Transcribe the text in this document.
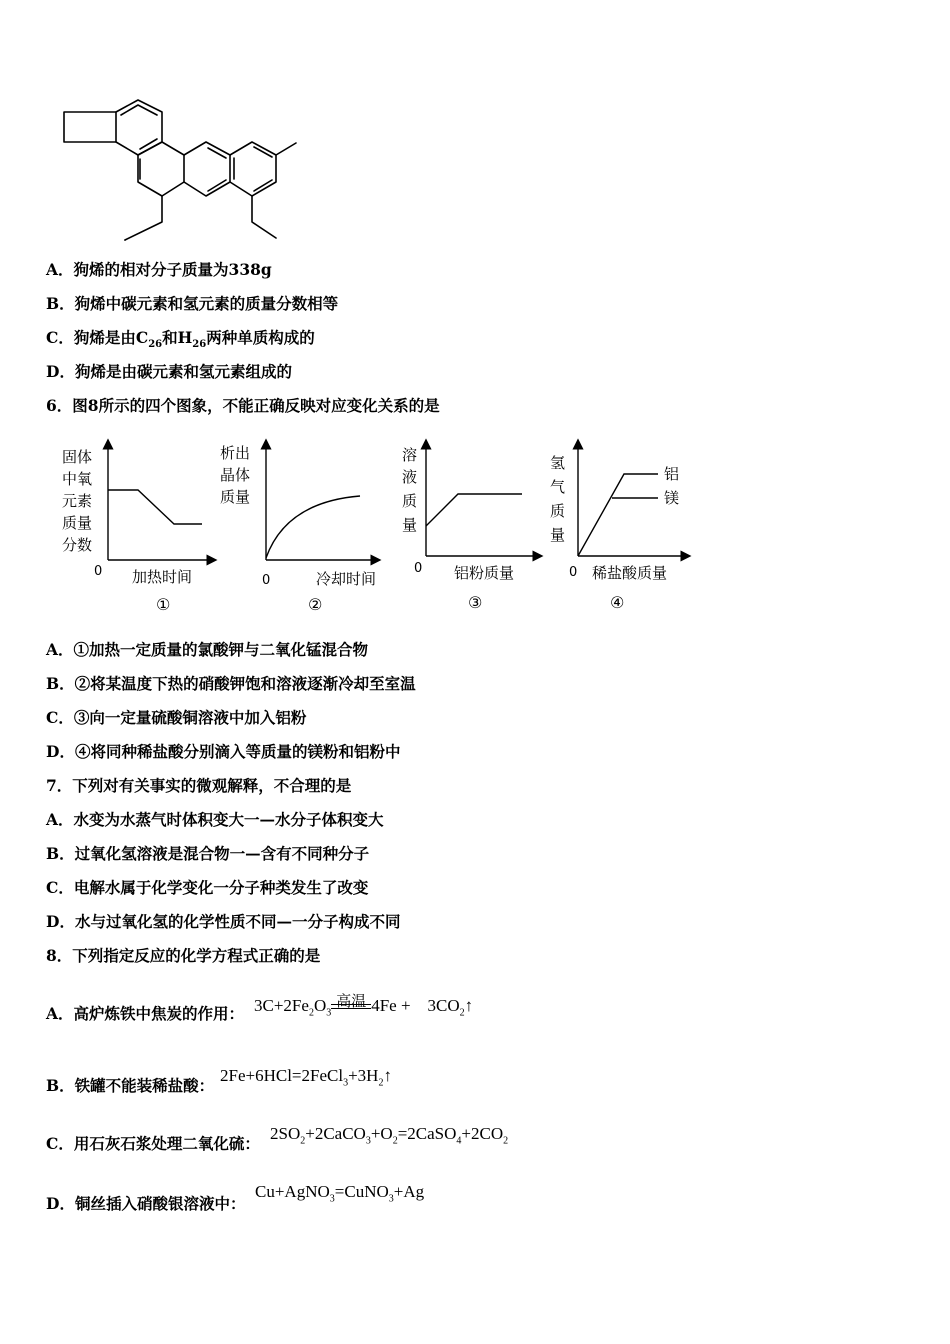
A．狗烯的相对分子质量为338g
B．狗烯中碳元素和氢元素的质量分数相等
C．狗烯是由$C_{26}$和$H_{26}$两种单质构成的
D．狗烯是由碳元素和氢元素组成的
6．图8所示的四个图象，不能正确反映对应变化关系的是
固体
中氧
元素
质量
分数
0 加热时间
①
析出
晶体
质量
0	冷却时间
②
溶
液
质
量
0 铝粉质量
③
氢
气
质
量
铝
镁
0 稀盐酸质量
④
A．①加热一定质量的氯酸钾与二氧化锰混合物
B．②将某温度下热的硝酸钾饱和溶液逐渐冷却至室温
C．③向一定量硫酸铜溶液中加入铝粉
D．④将同种稀盐酸分别滴入等质量的镁粉和铝粉中
7．下列对有关事实的微观解释，不合理的是
A．水变为水蒸气时体积变大一—水分子体积变大
B．过氧化氢溶液是混合物一—含有不同种分子
C．电解水属于化学变化一分子种类发生了改变
D．水与过氧化氢的化学性质不同—一分子构成不同
8．下列指定反应的化学方程式正确的是
A．高炉炼铁中焦炭的作用： $3C+2Fe_2O_3$
高温 4Fe +    $3CO_2↑$
B．铁罐不能装稀盐酸：
$2Fe+6HCl=2FeCl_3+3H_2↑$
C．用石灰石浆处理二氧化硫：
$2SO_2+2CaCO_3+O_2=2CaSO_4+2CO_2$
D．铜丝插入硝酸银溶液中：
Cu+AgNO$_3$=CuNO$_3$+Ag
